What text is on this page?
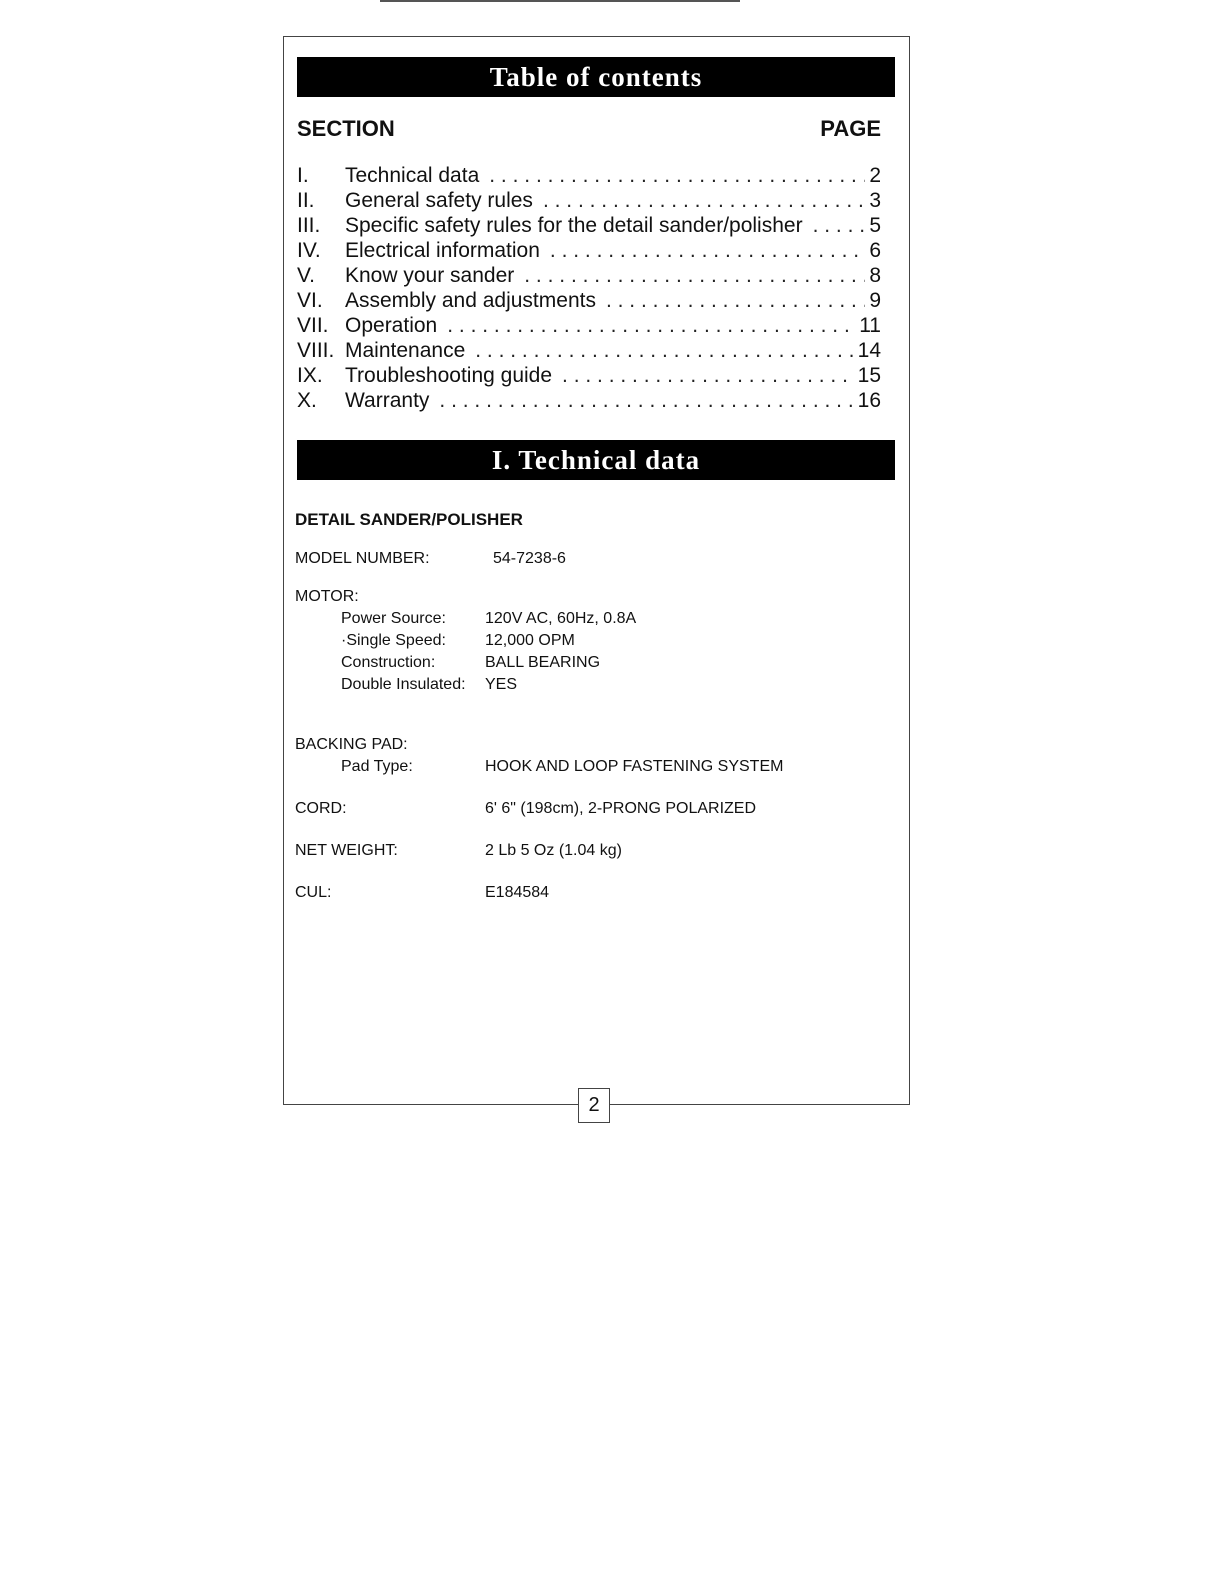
2
Table of contents
SECTION	PAGE
I.	Technical data . . .	2
II.	General safety rules . . .	3
III.	Specific safety rules for the detail sander/polisher . . .	5
IV.	Electrical information . . .	6
V.	Know your sander . . .	8
VI.	Assembly and adjustments . . .	9
VII. Operation . . .	11
VIII. Maintenance . . .	14
IX.	Troubleshooting guide . . .	15
X.	Warranty . . .	16
I. Technical data
DETAIL SANDER/POLISHER
MODEL NUMBER:	54-7238-6
MOTOR:
Power Source:	120V AC, 60Hz, 0.8A
·Single Speed:	12,000 OPM
Construction:	BALL BEARING
Double Insulated:	YES
BACKING PAD:
Pad Type:	HOOK AND LOOP FASTENING SYSTEM
CORD:	6' 6" (198cm), 2-PRONG POLARIZED
NET WEIGHT:	2 Lb 5 Oz (1.04 kg)
CUL:	E184584
